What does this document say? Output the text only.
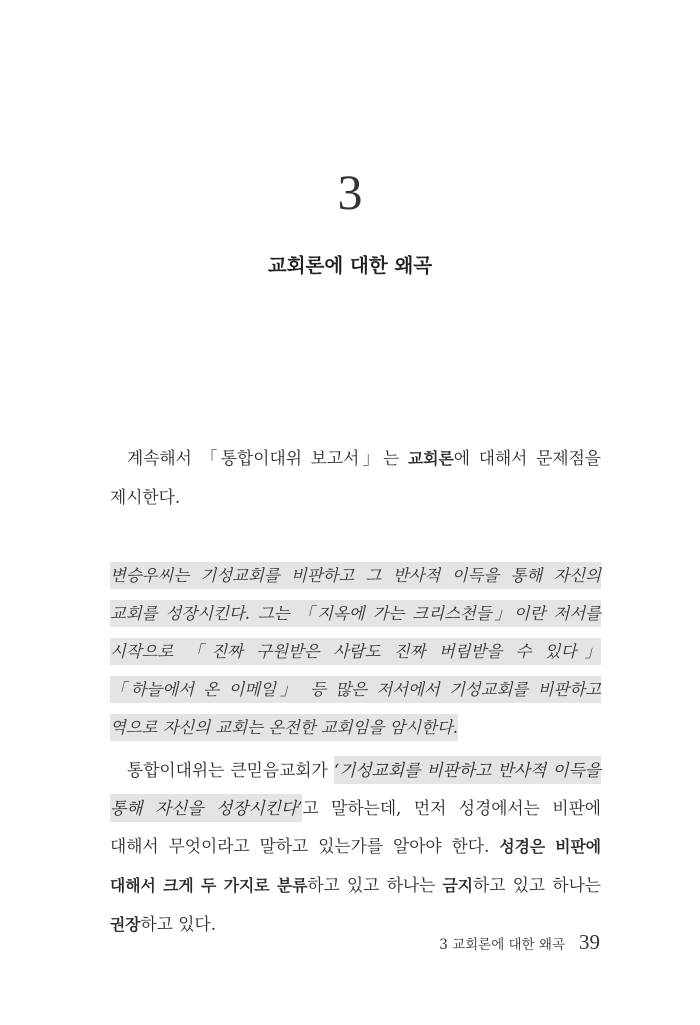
3
교회론에 대한 왜곡

계속해서 「통합이대위 보고서」는 교회론에 대해서 문제점을 제시한다.

변승우씨는 기성교회를 비판하고 그 반사적 이득을 통해 자신의 교회를 성장시킨다. 그는 「지옥에 가는 크리스천들」이란 저서를 시작으로 「진짜 구원받은 사람도 진짜 버림받을 수 있다」 「하늘에서 온 이메일」 등 많은 저서에서 기성교회를 비판하고 역으로 자신의 교회는 온전한 교회임을 암시한다.

통합이대위는 큰믿음교회가 ‘기성교회를 비판하고 반사적 이득을 통해 자신을 성장시킨다’고 말하는데, 먼저 성경에서는 비판에 대해서 무엇이라고 말하고 있는가를 알아야 한다. 성경은 비판에 대해서 크게 두 가지로 분류하고 있고 하나는 금지하고 있고 하나는 권장하고 있다.

3 교회론에 대한 왜곡 39
